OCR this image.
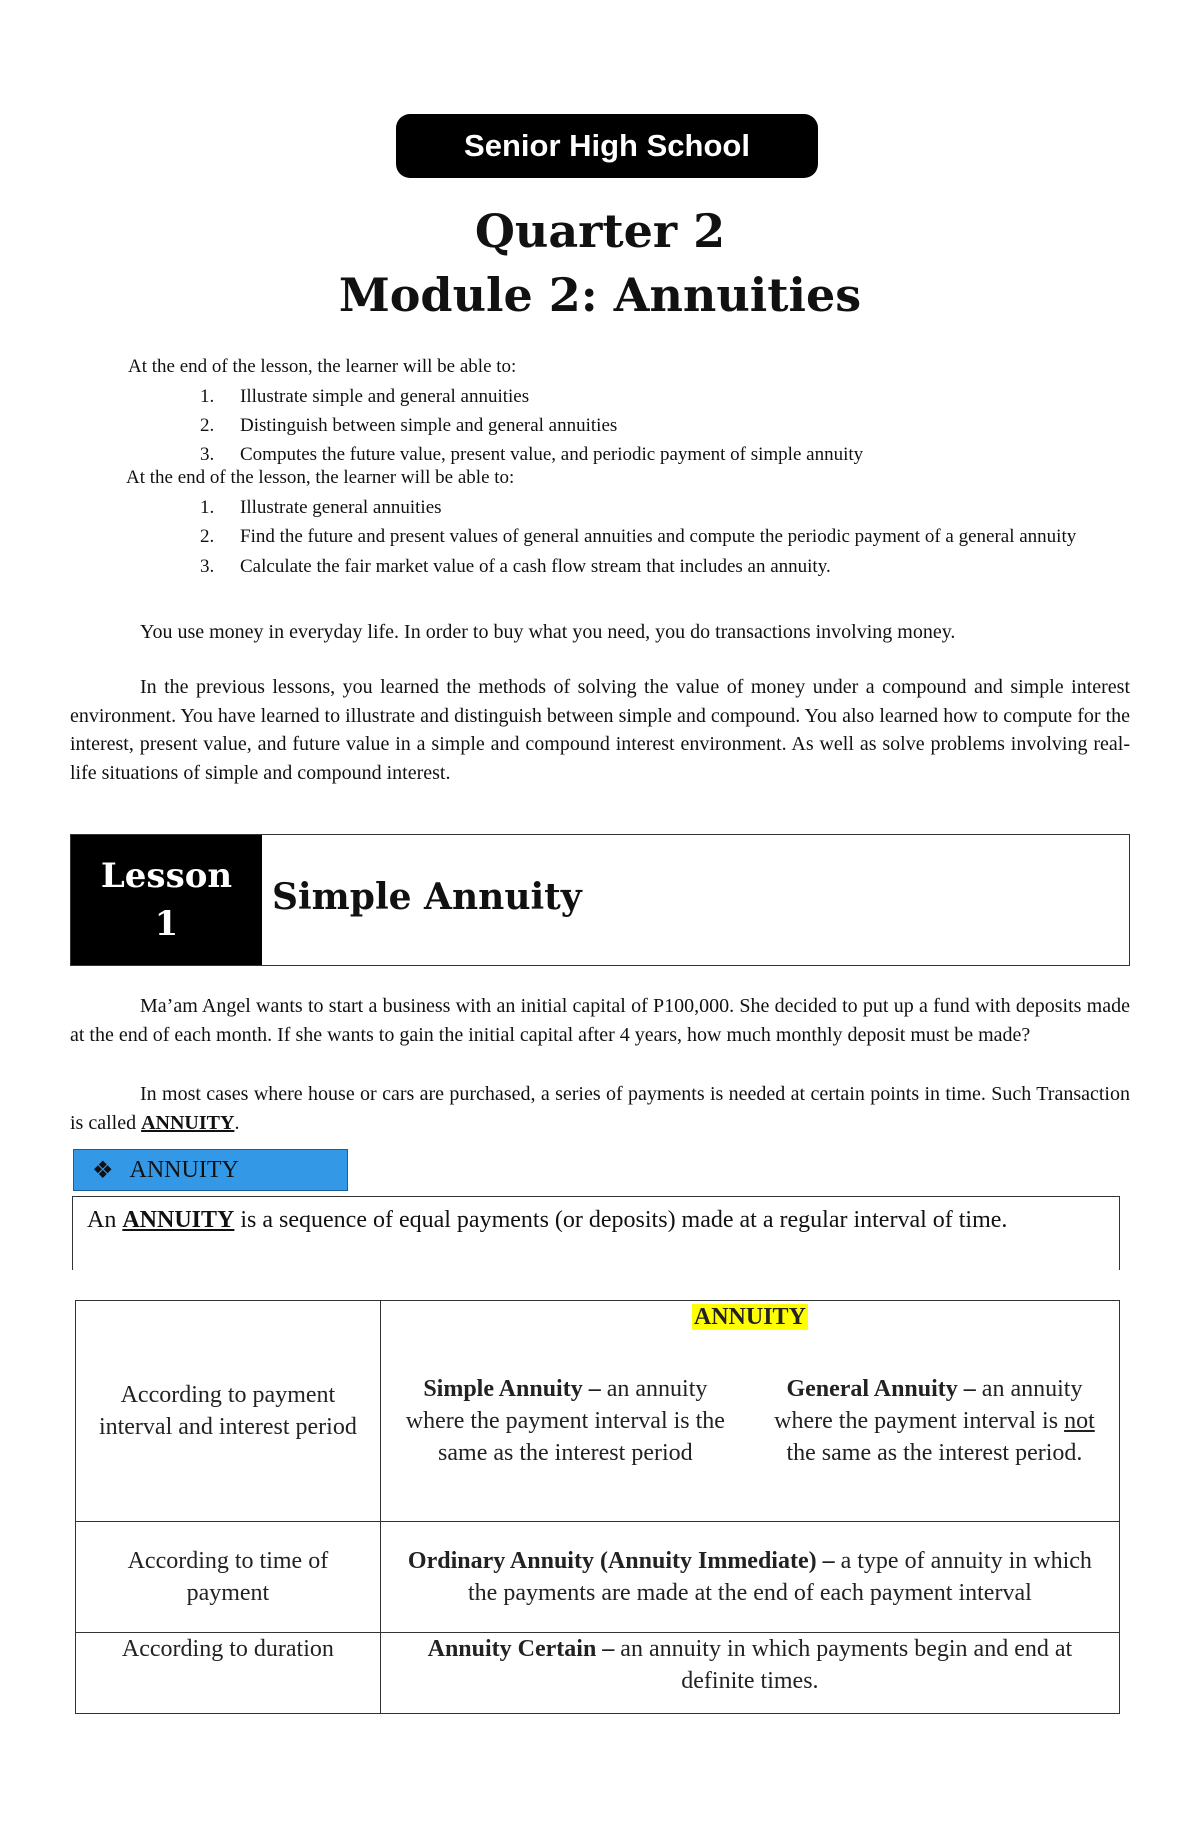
Senior High School
Quarter 2
Module 2: Annuities
At the end of the lesson, the learner will be able to:
1. Illustrate simple and general annuities
2. Distinguish between simple and general annuities
3. Computes the future value, present value, and periodic payment of simple annuity
At the end of the lesson, the learner will be able to:
1. Illustrate general annuities
2. Find the future and present values of general annuities and compute the periodic payment of a general annuity
3. Calculate the fair market value of a cash flow stream that includes an annuity.

You use money in everyday life. In order to buy what you need, you do transactions involving money.

In the previous lessons, you learned the methods of solving the value of money under a compound and simple interest environment. You have learned to illustrate and distinguish between simple and compound. You also learned how to compute for the interest, present value, and future value in a simple and compound interest environment. As well as solve problems involving real-life situations of simple and compound interest.

Lesson
1
Simple Annuity

Ma’am Angel wants to start a business with an initial capital of P100,000. She decided to put up a fund with deposits made at the end of each month. If she wants to gain the initial capital after 4 years, how much monthly deposit must be made?

In most cases where house or cars are purchased, a series of payments is needed at certain points in time. Such Transaction is called ANNUITY.

❖ ANNUITY
An ANNUITY is a sequence of equal payments (or deposits) made at a regular interval of time.
According to payment interval and interest period	ANNUITY	
	Simple Annuity – an annuity where the payment interval is the same as the interest period	General Annuity – an annuity where the payment interval is not the same as the interest period.
According to time of payment	Ordinary Annuity (Annuity Immediate) – a type of annuity in which the payments are made at the end of each payment interval	
According to duration	Annuity Certain – an annuity in which payments begin and end at definite times.	
